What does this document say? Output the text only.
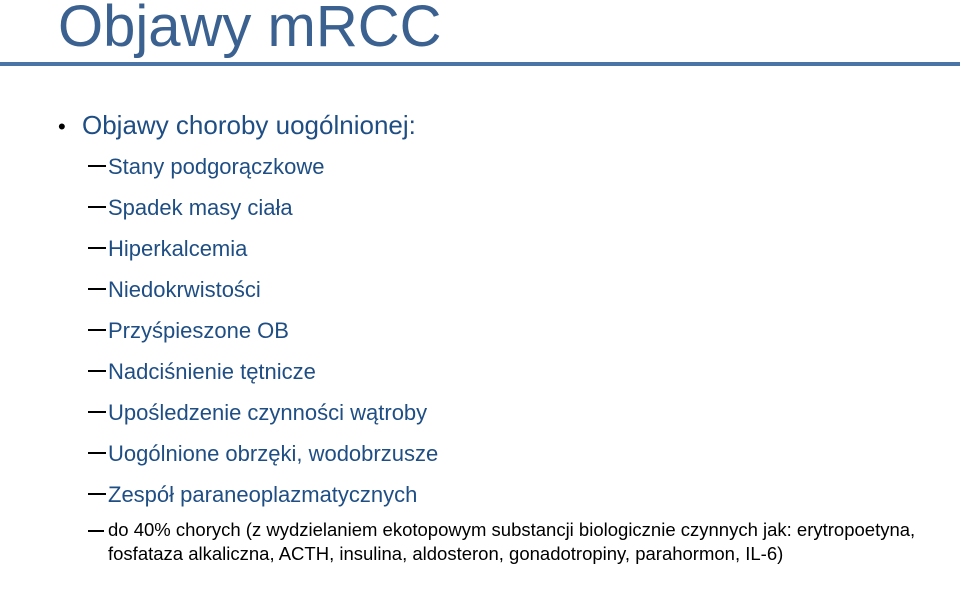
Objawy mRCC
• Objawy choroby uogólnionej:
Stany podgorączkowe
Spadek masy ciała
Hiperkalcemia
Niedokrwistości
Przyśpieszone OB
Nadciśnienie tętnicze
Upośledzenie czynności wątroby
Uogólnione obrzęki, wodobrzusze
Zespół paraneoplazmatycznych
do 40% chorych (z wydzielaniem ekotopowym substancji biologicznie czynnych jak: erytropoetyna, fosfataza alkaliczna, ACTH, insulina, aldosteron, gonadotropiny, parahormon, IL-6)
